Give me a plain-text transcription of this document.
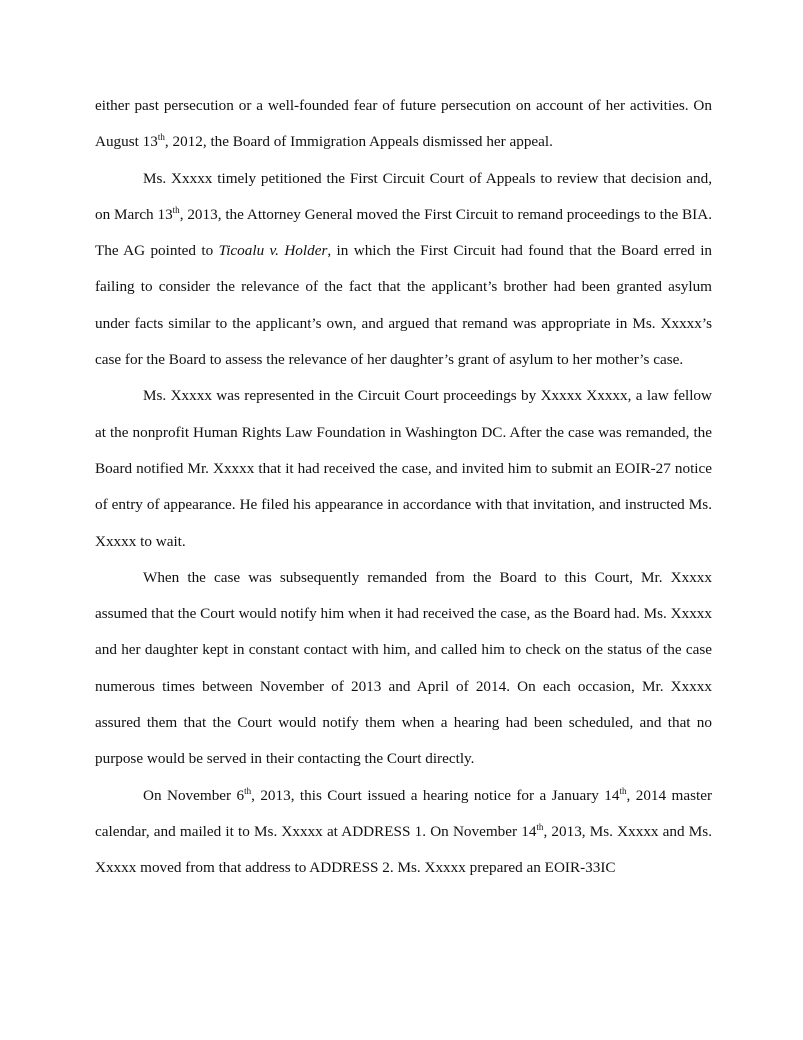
either past persecution or a well-founded fear of future persecution on account of her activities. On August 13th, 2012, the Board of Immigration Appeals dismissed her appeal.

Ms. Xxxxx timely petitioned the First Circuit Court of Appeals to review that decision and, on March 13th, 2013, the Attorney General moved the First Circuit to remand proceedings to the BIA. The AG pointed to Ticoalu v. Holder, in which the First Circuit had found that the Board erred in failing to consider the relevance of the fact that the applicant’s brother had been granted asylum under facts similar to the applicant’s own, and argued that remand was appropriate in Ms. Xxxxx’s case for the Board to assess the relevance of her daughter’s grant of asylum to her mother’s case.

Ms. Xxxxx was represented in the Circuit Court proceedings by Xxxxx Xxxxx, a law fellow at the nonprofit Human Rights Law Foundation in Washington DC. After the case was remanded, the Board notified Mr. Xxxxx that it had received the case, and invited him to submit an EOIR-27 notice of entry of appearance. He filed his appearance in accordance with that invitation, and instructed Ms. Xxxxx to wait.

When the case was subsequently remanded from the Board to this Court, Mr. Xxxxx assumed that the Court would notify him when it had received the case, as the Board had. Ms. Xxxxx and her daughter kept in constant contact with him, and called him to check on the status of the case numerous times between November of 2013 and April of 2014. On each occasion, Mr. Xxxxx assured them that the Court would notify them when a hearing had been scheduled, and that no purpose would be served in their contacting the Court directly.

On November 6th, 2013, this Court issued a hearing notice for a January 14th, 2014 master calendar, and mailed it to Ms. Xxxxx at ADDRESS 1. On November 14th, 2013, Ms. Xxxxx and Ms. Xxxxx moved from that address to ADDRESS 2. Ms. Xxxxx prepared an EOIR-33IC
